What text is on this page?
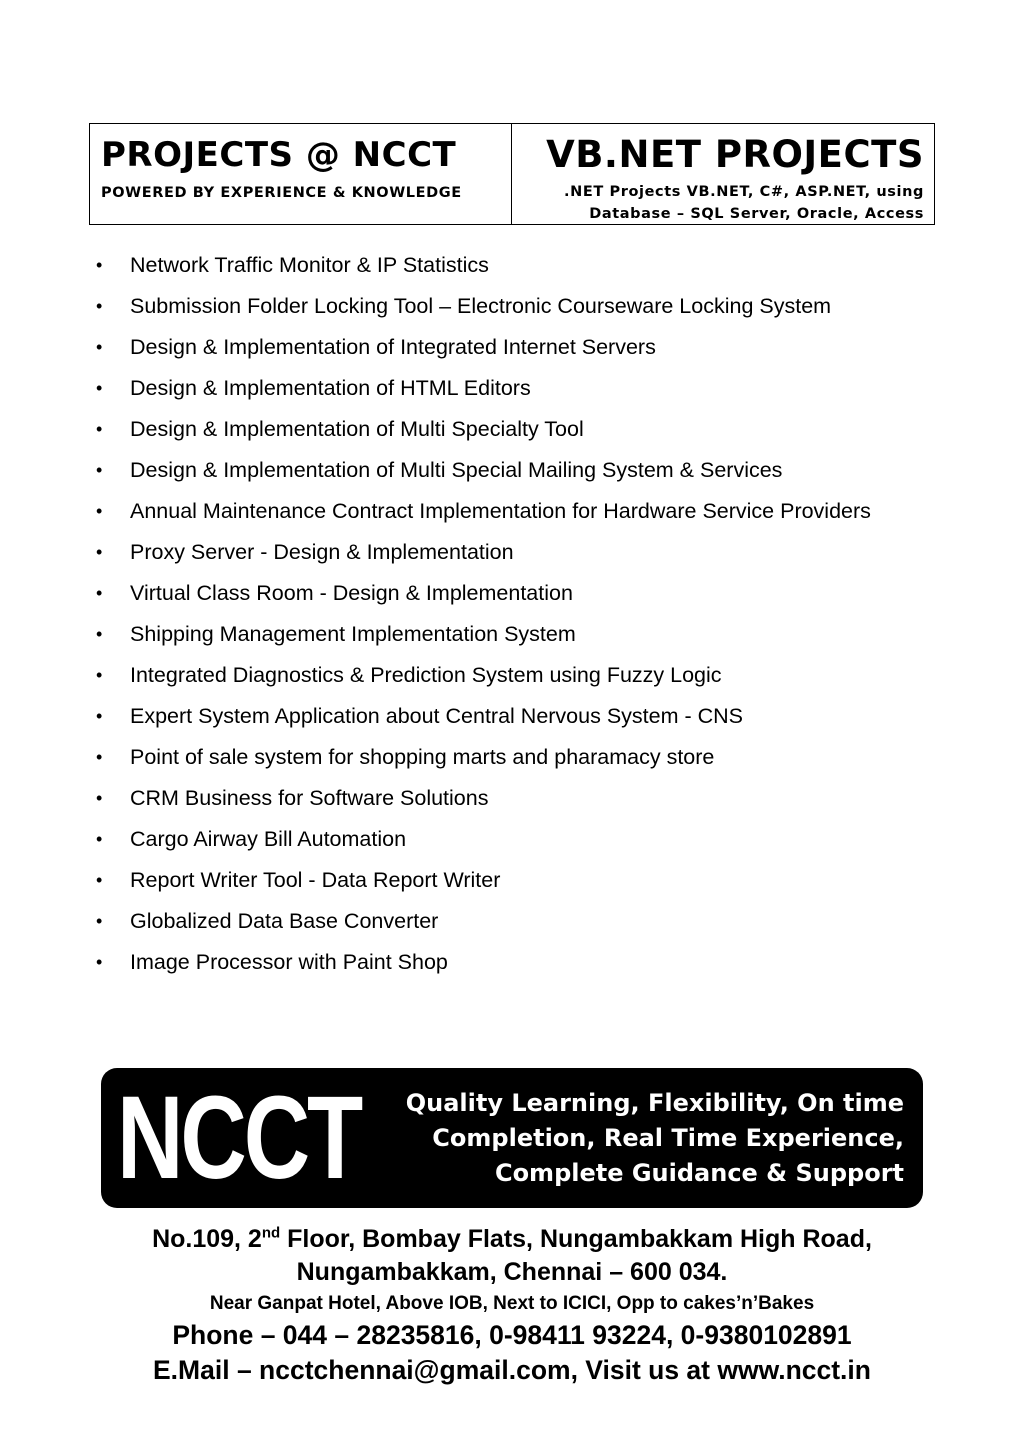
PROJECTS @ NCCT
POWERED BY EXPERIENCE & KNOWLEDGE
VB.NET PROJECTS
.NET Projects VB.NET, C#, ASP.NET, using
Database – SQL Server, Oracle, Access
• Network Traffic Monitor & IP Statistics
• Submission Folder Locking Tool – Electronic Courseware Locking System
• Design & Implementation of Integrated Internet Servers
• Design & Implementation of HTML Editors
• Design & Implementation of Multi Specialty Tool
• Design & Implementation of Multi Special Mailing System & Services
• Annual Maintenance Contract Implementation for Hardware Service Providers
• Proxy Server - Design & Implementation
• Virtual Class Room - Design & Implementation
• Shipping Management Implementation System
• Integrated Diagnostics & Prediction System using Fuzzy Logic
• Expert System Application about Central Nervous System - CNS
• Point of sale system for shopping marts and pharamacy store
• CRM Business for Software Solutions
• Cargo Airway Bill Automation
• Report Writer Tool - Data Report Writer
• Globalized Data Base Converter
• Image Processor with Paint Shop
NCCT Quality Learning, Flexibility, On time
Completion, Real Time Experience,
Complete Guidance & Support
No.109, 2nd Floor, Bombay Flats, Nungambakkam High Road,
Nungambakkam, Chennai – 600 034.
Near Ganpat Hotel, Above IOB, Next to ICICI, Opp to cakes’n’Bakes
Phone – 044 – 28235816, 0-98411 93224, 0-9380102891
E.Mail – ncctchennai@gmail.com, Visit us at www.ncct.in
